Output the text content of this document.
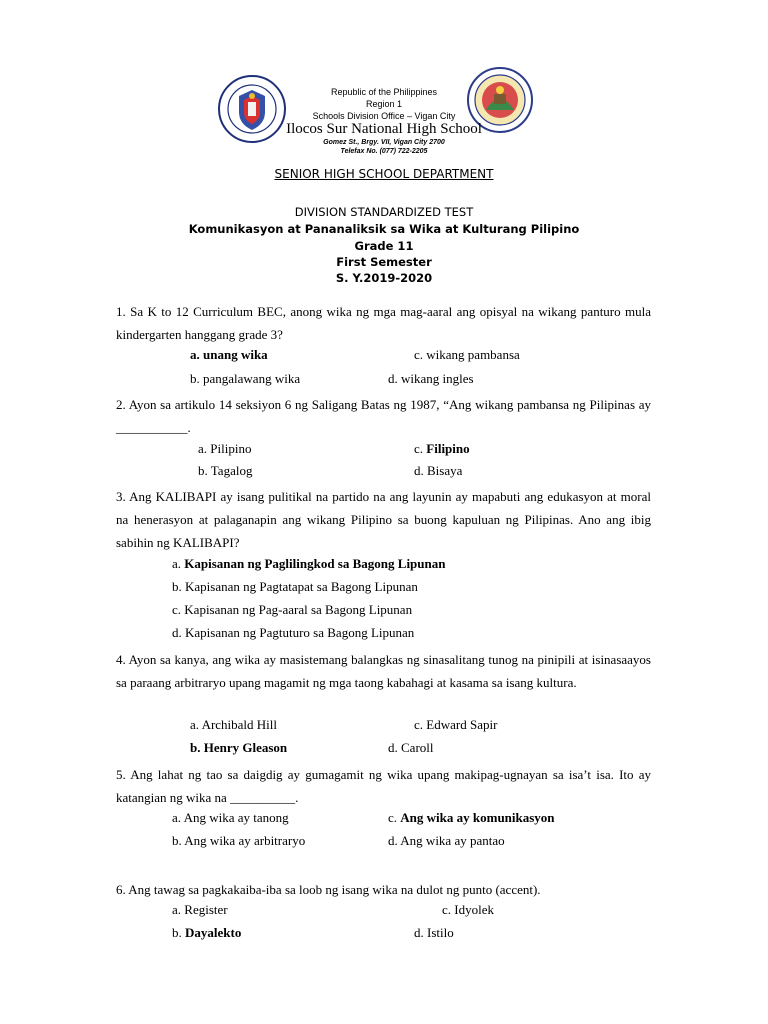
Republic of the Philippines
Region 1
Schools Division Office – Vigan City
Ilocos Sur National High School
Gomez St., Brgy. VII, Vigan City 2700
Telefax No. (077) 722-2205
SENIOR HIGH SCHOOL DEPARTMENT
DIVISION STANDARDIZED TEST
Komunikasyon at Pananaliksik sa Wika at Kulturang Pilipino
Grade 11
First Semester
S. Y.2019-2020
1. Sa K to 12 Curriculum BEC, anong wika ng mga mag-aaral ang opisyal na wikang panturo mula kindergarten hanggang grade 3?
a. unang wika	c. wikang pambansa
b. pangalawang wika	d. wikang ingles
2. Ayon sa artikulo 14 seksiyon 6 ng Saligang Batas ng 1987, “Ang wikang pambansa ng Pilipinas ay ___________.
a. Pilipino	c. Filipino
b. Tagalog	d. Bisaya
3. Ang KALIBAPI ay isang pulitikal na partido na ang layunin ay mapabuti ang edukasyon at moral na henerasyon at palaganapin ang wikang Pilipino sa buong kapuluan ng Pilipinas. Ano ang ibig sabihin ng KALIBAPI?
a. Kapisanan ng Paglilingkod sa Bagong Lipunan
b. Kapisanan ng Pagtatapat sa Bagong Lipunan
c. Kapisanan ng Pag-aaral sa Bagong Lipunan
d. Kapisanan ng Pagtuturo sa Bagong Lipunan
4. Ayon sa kanya, ang wika ay masistemang balangkas ng sinasalitang tunog na pinipili at isinasaayos sa paraang arbitraryo upang magamit ng mga taong kabahagi at kasama sa isang kultura.
a. Archibald Hill	c. Edward Sapir
b. Henry Gleason	d. Caroll
5. Ang lahat ng tao sa daigdig ay gumagamit ng wika upang makipag-ugnayan sa isa’t isa. Ito ay katangian ng wika na __________.
a. Ang wika ay tanong	c. Ang wika ay komunikasyon
b. Ang wika ay arbitraryo	d. Ang wika ay pantao
6. Ang tawag sa pagkakaiba-iba sa loob ng isang wika na dulot ng punto (accent).
a. Register	c. Idyolek
b. Dayalekto	d. Istilo
